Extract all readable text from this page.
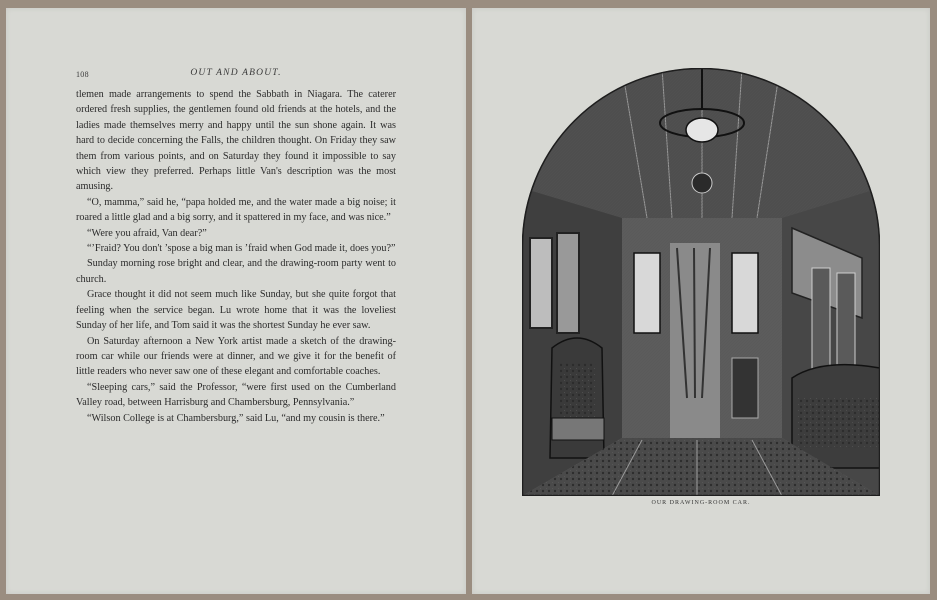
108	OUT AND ABOUT.

tlemen made arrangements to spend the Sabbath in Niagara. The caterer ordered fresh supplies, the gentlemen found old friends at the hotels, and the ladies made themselves merry and happy until the sun shone again. It was hard to decide concerning the Falls, the children thought. On Friday they saw them from various points, and on Saturday they found it impossible to say which view they preferred. Perhaps little Van's description was the most amusing.

“O, mamma,” said he, “papa holded me, and the water made a big noise; it roared a little glad and a big sorry, and it spattered in my face, and was nice.”

“Were you afraid, Van dear?”

“’Fraid? You don't ’spose a big man is ’fraid when God made it, does you?”

Sunday morning rose bright and clear, and the drawing-room party went to church.

Grace thought it did not seem much like Sunday, but she quite forgot that feeling when the service began. Lu wrote home that it was the loveliest Sunday of her life, and Tom said it was the shortest Sunday he ever saw.

On Saturday afternoon a New York artist made a sketch of the drawing-room car while our friends were at dinner, and we give it for the benefit of little readers who never saw one of these elegant and comfortable coaches.

“Sleeping cars,” said the Professor, “were first used on the Cumberland Valley road, between Harrisburg and Chambersburg, Pennsylvania.”

“Wilson College is at Chambersburg,” said Lu, “and my cousin is there.”

OUR DRAWING-ROOM CAR.
